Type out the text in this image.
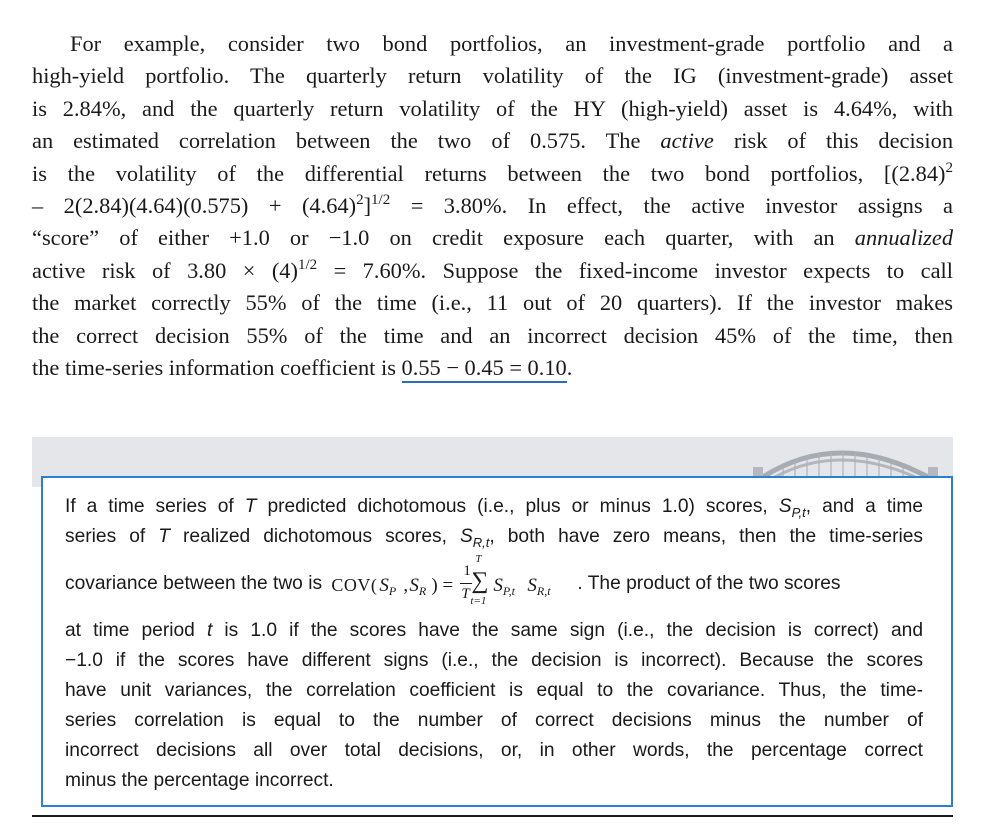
For example, consider two bond portfolios, an investment-grade portfolio and a
high-yield portfolio. The quarterly return volatility of the IG (investment-grade) asset
is 2.84%, and the quarterly return volatility of the HY (high-yield) asset is 4.64%, with
an estimated correlation between the two of 0.575. The active risk of this decision
is the volatility of the differential returns between the two bond portfolios, [$(2.84)^2$
– $2(2.84)(4.64)(0.575) + (4.64)^2]^{1/2} = 3.80\%$. In effect, the active investor assigns a
“score” of either +1.0 or −1.0 on credit exposure each quarter, with an annualized
active risk of $3.80 \times (4)^{1/2} = 7.60\%$. Suppose the fixed-income investor expects to call
the market correctly 55% of the time (i.e., 11 out of 20 quarters). If the investor makes
the correct decision 55% of the time and an incorrect decision 45% of the time, then
the time-series information coefficient is 0.55 − 0.45 = 0.10.

If a time series of T predicted dichotomous (i.e., plus or minus 1.0) scores, $S_{P,t}$, and a time
series of T realized dichotomous scores, $S_{R,t}$, both have zero means, then the time-series
covariance between the two is COV( $S_P$ , $S_R$ ) =
1
T
T
∑
t=1
$S_{P,t}$ $S_{R,t}$ . The product of the two scores
at time period t is 1.0 if the scores have the same sign (i.e., the decision is correct) and
−1.0 if the scores have different signs (i.e., the decision is incorrect). Because the scores
have unit variances, the correlation coefficient is equal to the covariance. Thus, the time-
series correlation is equal to the number of correct decisions minus the number of
incorrect decisions all over total decisions, or, in other words, the percentage correct
minus the percentage incorrect.
